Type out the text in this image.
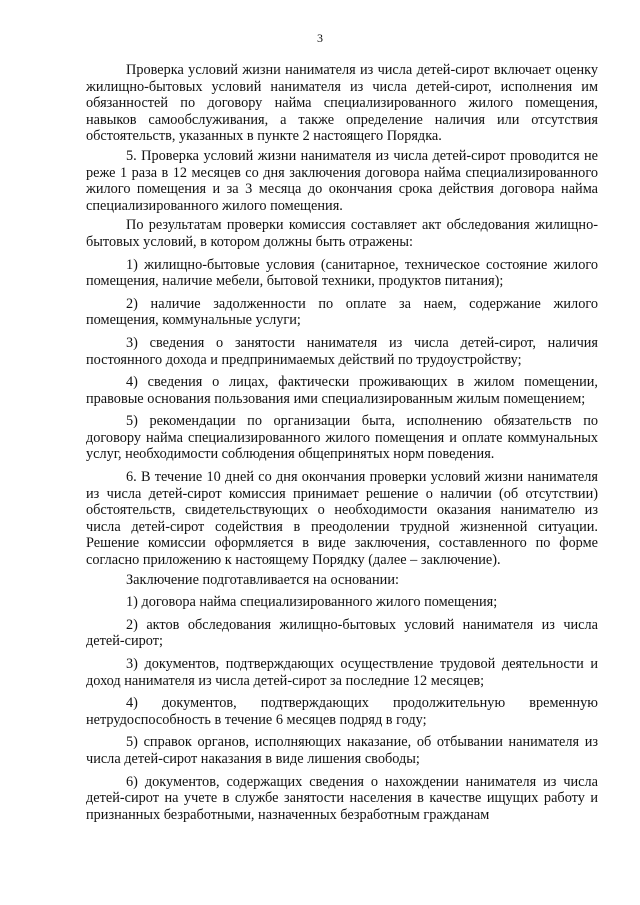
3

Проверка условий жизни нанимателя из числа детей-сирот включает оценку жилищно-бытовых условий нанимателя из числа детей-сирот, исполнения им обязанностей по договору найма специализированного жилого помещения, навыков самообслуживания, а также определение наличия или отсутствия обстоятельств, указанных в пункте 2 настоящего Порядка.

5. Проверка условий жизни нанимателя из числа детей-сирот проводится не реже 1 раза в 12 месяцев со дня заключения договора найма специализированного жилого помещения и за 3 месяца до окончания срока действия договора найма специализированного жилого помещения.

По результатам проверки комиссия составляет акт обследования жилищно-бытовых условий, в котором должны быть отражены:

1) жилищно-бытовые условия (санитарное, техническое состояние жилого помещения, наличие мебели, бытовой техники, продуктов питания);

2) наличие задолженности по оплате за наем, содержание жилого помещения, коммунальные услуги;

3) сведения о занятости нанимателя из числа детей-сирот, наличия постоянного дохода и предпринимаемых действий по трудоустройству;

4) сведения о лицах, фактически проживающих в жилом помещении, правовые основания пользования ими специализированным жилым помещением;

5) рекомендации по организации быта, исполнению обязательств по договору найма специализированного жилого помещения и оплате коммунальных услуг, необходимости соблюдения общепринятых норм поведения.

6. В течение 10 дней со дня окончания проверки условий жизни нанимателя из числа детей-сирот комиссия принимает решение о наличии (об отсутствии) обстоятельств, свидетельствующих о необходимости оказания нанимателю из числа детей-сирот содействия в преодолении трудной жизненной ситуации. Решение комиссии оформляется в виде заключения, составленного по форме согласно приложению к настоящему Порядку (далее – заключение).

Заключение подготавливается на основании:

1) договора найма специализированного жилого помещения;

2) актов обследования жилищно-бытовых условий нанимателя из числа детей-сирот;

3) документов, подтверждающих осуществление трудовой деятельности и доход нанимателя из числа детей-сирот за последние 12 месяцев;

4) документов, подтверждающих продолжительную временную нетрудоспособность в течение 6 месяцев подряд в году;

5) справок органов, исполняющих наказание, об отбывании нанимателя из числа детей-сирот наказания в виде лишения свободы;

6) документов, содержащих сведения о нахождении нанимателя из числа детей-сирот на учете в службе занятости населения в качестве ищущих работу и признанных безработными, назначенных безработным гражданам
